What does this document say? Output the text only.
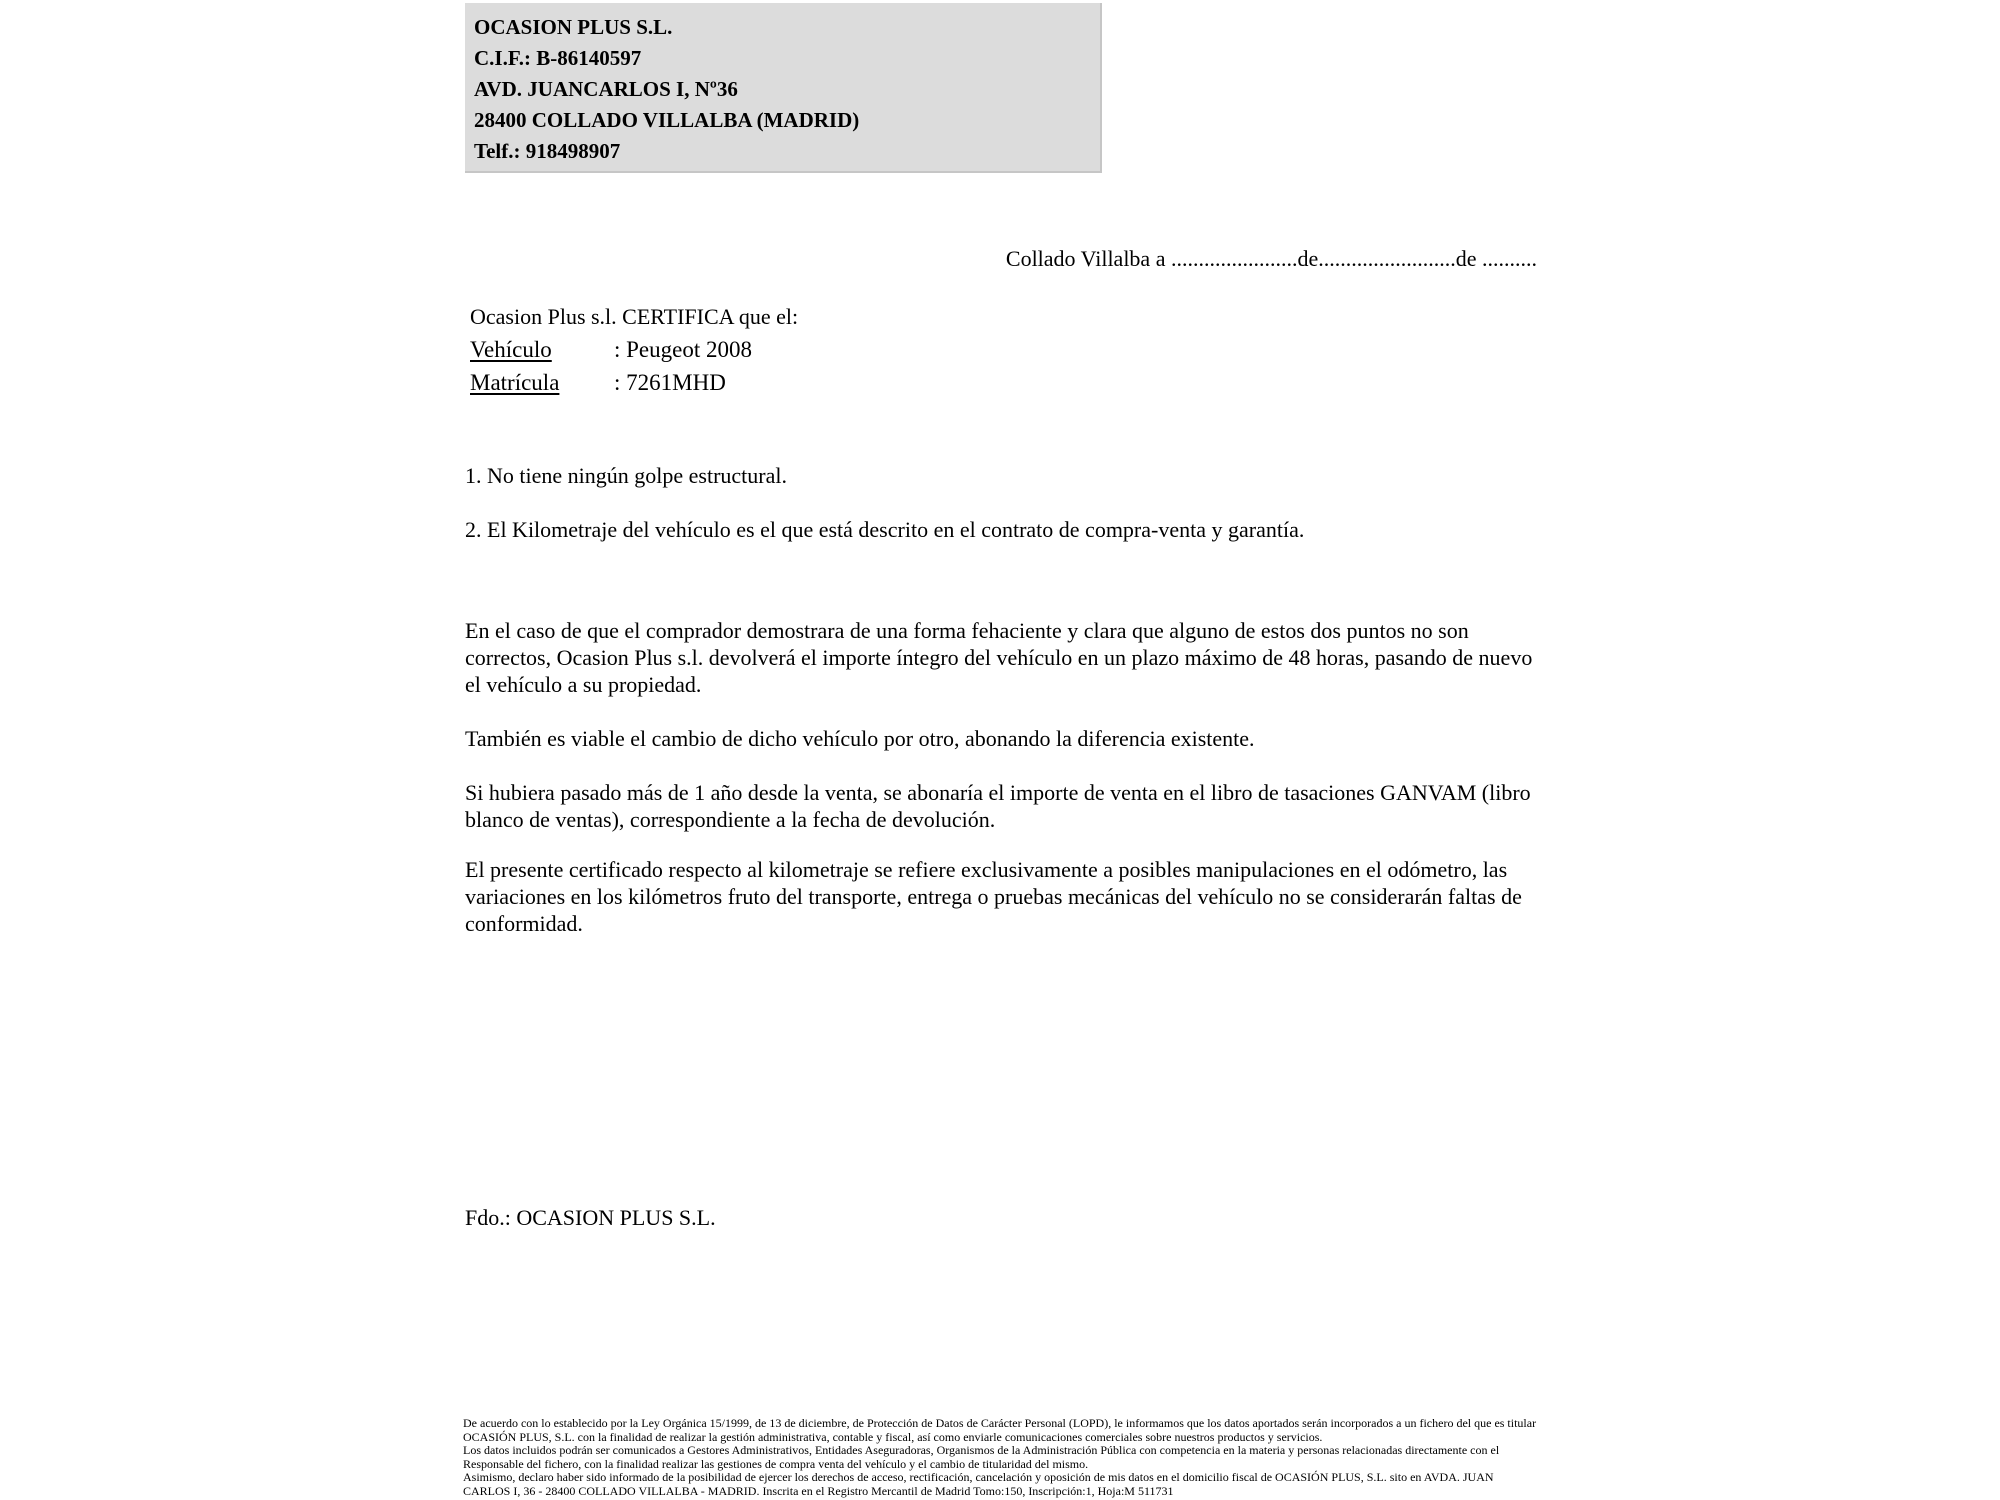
OCASION PLUS S.L.
C.I.F.: B-86140597
AVD. JUANCARLOS I, Nº36
28400 COLLADO VILLALBA (MADRID)
Telf.: 918498907
Collado Villalba a .......................de.........................de ..........
Ocasion Plus s.l. CERTIFICA que el:
Vehículo	: Peugeot 2008
Matrícula : 7261MHD
1. No tiene ningún golpe estructural.
2. El Kilometraje del vehículo es el que está descrito en el contrato de compra-venta y garantía.
En el caso de que el comprador demostrara de una forma fehaciente y clara que alguno de estos dos puntos no son correctos, Ocasion Plus s.l. devolverá el importe íntegro del vehículo en un plazo máximo de 48 horas, pasando de nuevo el vehículo a su propiedad.
También es viable el cambio de dicho vehículo por otro, abonando la diferencia existente.
Si hubiera pasado más de 1 año desde la venta, se abonaría el importe de venta en el libro de tasaciones GANVAM (libro blanco de ventas), correspondiente a la fecha de devolución.
El presente certificado respecto al kilometraje se refiere exclusivamente a posibles manipulaciones en el odómetro, las variaciones en los kilómetros fruto del transporte, entrega o pruebas mecánicas del vehículo no se considerarán faltas de conformidad.
Fdo.: OCASION PLUS S.L.
De acuerdo con lo establecido por la Ley Orgánica 15/1999, de 13 de diciembre, de Protección de Datos de Carácter Personal (LOPD), le informamos que los datos aportados serán incorporados a un fichero del que es titular
OCASIÓN PLUS, S.L. con la finalidad de realizar la gestión administrativa, contable y fiscal, así como enviarle comunicaciones comerciales sobre nuestros productos y servicios.
Los datos incluidos podrán ser comunicados a Gestores Administrativos, Entidades Aseguradoras, Organismos de la Administración Pública con competencia en la materia y personas relacionadas directamente con el
Responsable del fichero, con la finalidad realizar las gestiones de compra venta del vehículo y el cambio de titularidad del mismo.
Asimismo, declaro haber sido informado de la posibilidad de ejercer los derechos de acceso, rectificación, cancelación y oposición de mis datos en el domicilio fiscal de OCASIÓN PLUS, S.L. sito en AVDA. JUAN
CARLOS I, 36 - 28400 COLLADO VILLALBA - MADRID. Inscrita en el Registro Mercantil de Madrid Tomo:150, Inscripción:1, Hoja:M 511731
